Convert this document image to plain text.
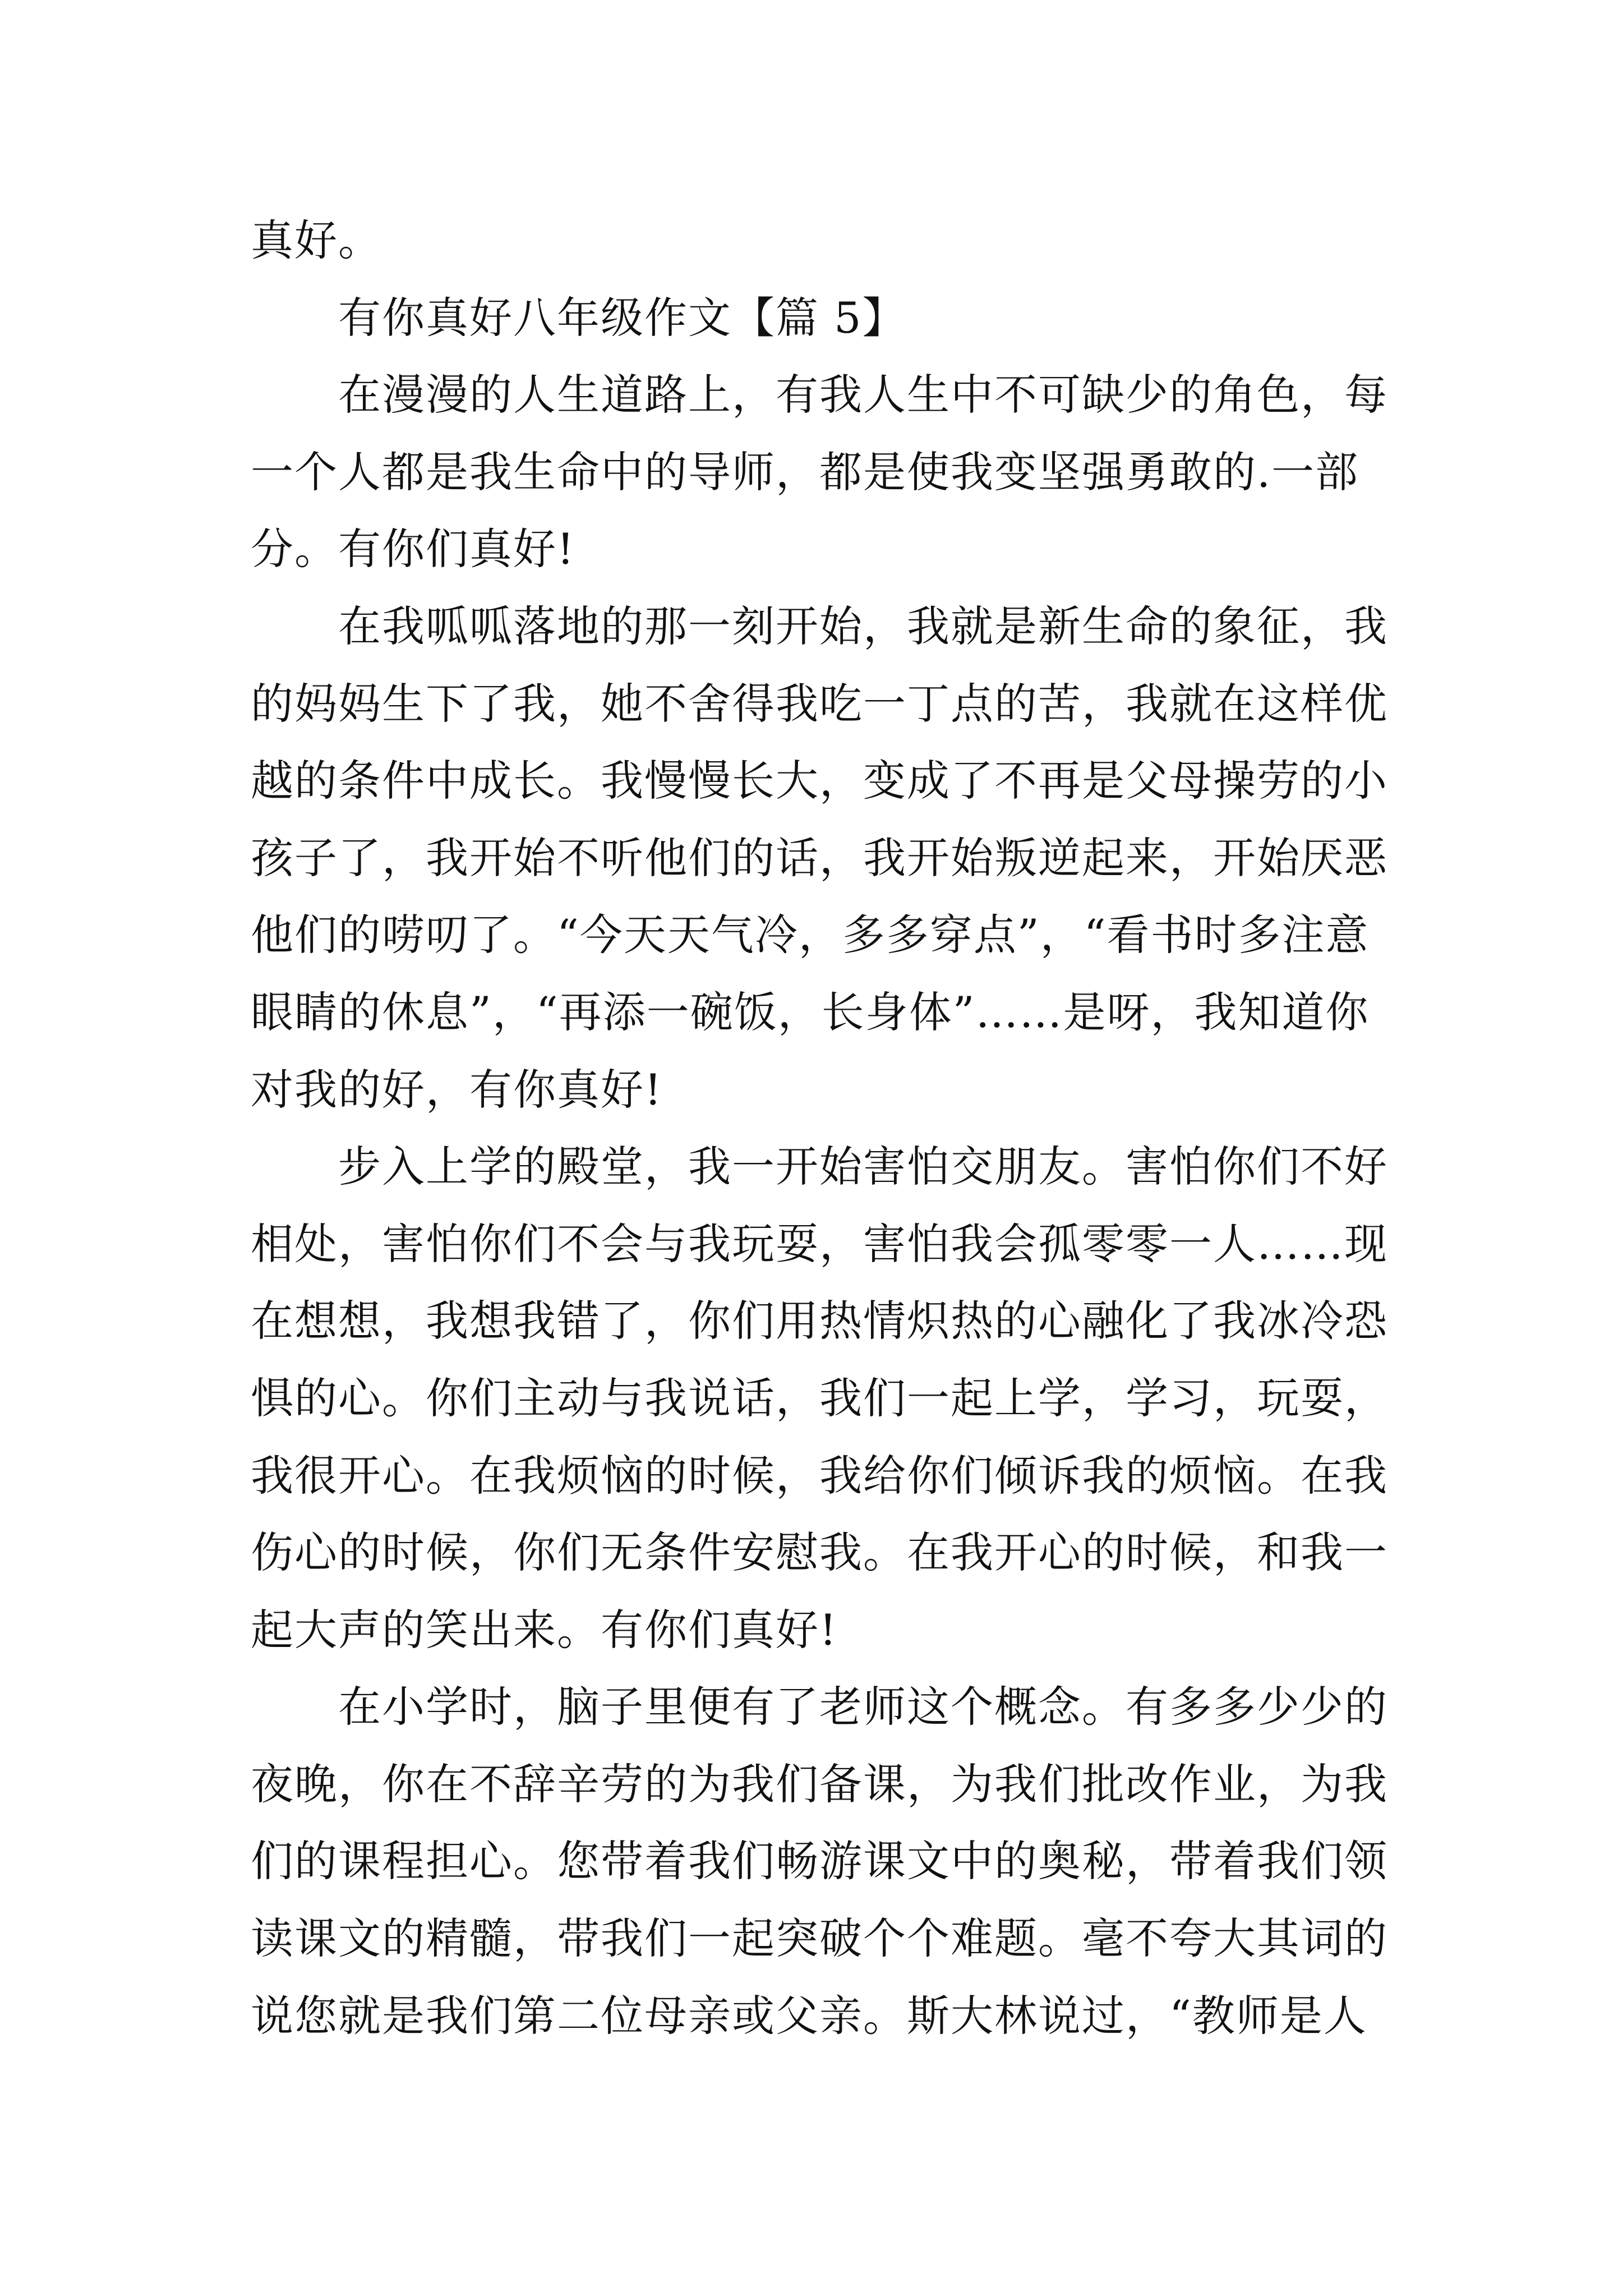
真好。
有你真好八年级作文【篇 5】
在漫漫的人生道路上，有我人生中不可缺少的角色，每
一个人都是我生命中的导师，都是使我变坚强勇敢的.一部
分。有你们真好!
在我呱呱落地的那一刻开始，我就是新生命的象征，我
的妈妈生下了我，她不舍得我吃一丁点的苦，我就在这样优
越的条件中成长。我慢慢长大，变成了不再是父母操劳的小
孩子了，我开始不听他们的话，我开始叛逆起来，开始厌恶
他们的唠叨了。“今天天气冷，多多穿点”，“看书时多注意
眼睛的休息”，“再添一碗饭，长身体”……是呀，我知道你
对我的好，有你真好!
步入上学的殿堂，我一开始害怕交朋友。害怕你们不好
相处，害怕你们不会与我玩耍，害怕我会孤零零一人……现
在想想，我想我错了，你们用热情炽热的心融化了我冰冷恐
惧的心。你们主动与我说话，我们一起上学，学习，玩耍，
我很开心。在我烦恼的时候，我给你们倾诉我的烦恼。在我
伤心的时候，你们无条件安慰我。在我开心的时候，和我一
起大声的笑出来。有你们真好!
在小学时，脑子里便有了老师这个概念。有多多少少的
夜晚，你在不辞辛劳的为我们备课，为我们批改作业，为我
们的课程担心。您带着我们畅游课文中的奥秘，带着我们领
读课文的精髓，带我们一起突破个个难题。毫不夸大其词的
说您就是我们第二位母亲或父亲。斯大林说过，“教师是人
